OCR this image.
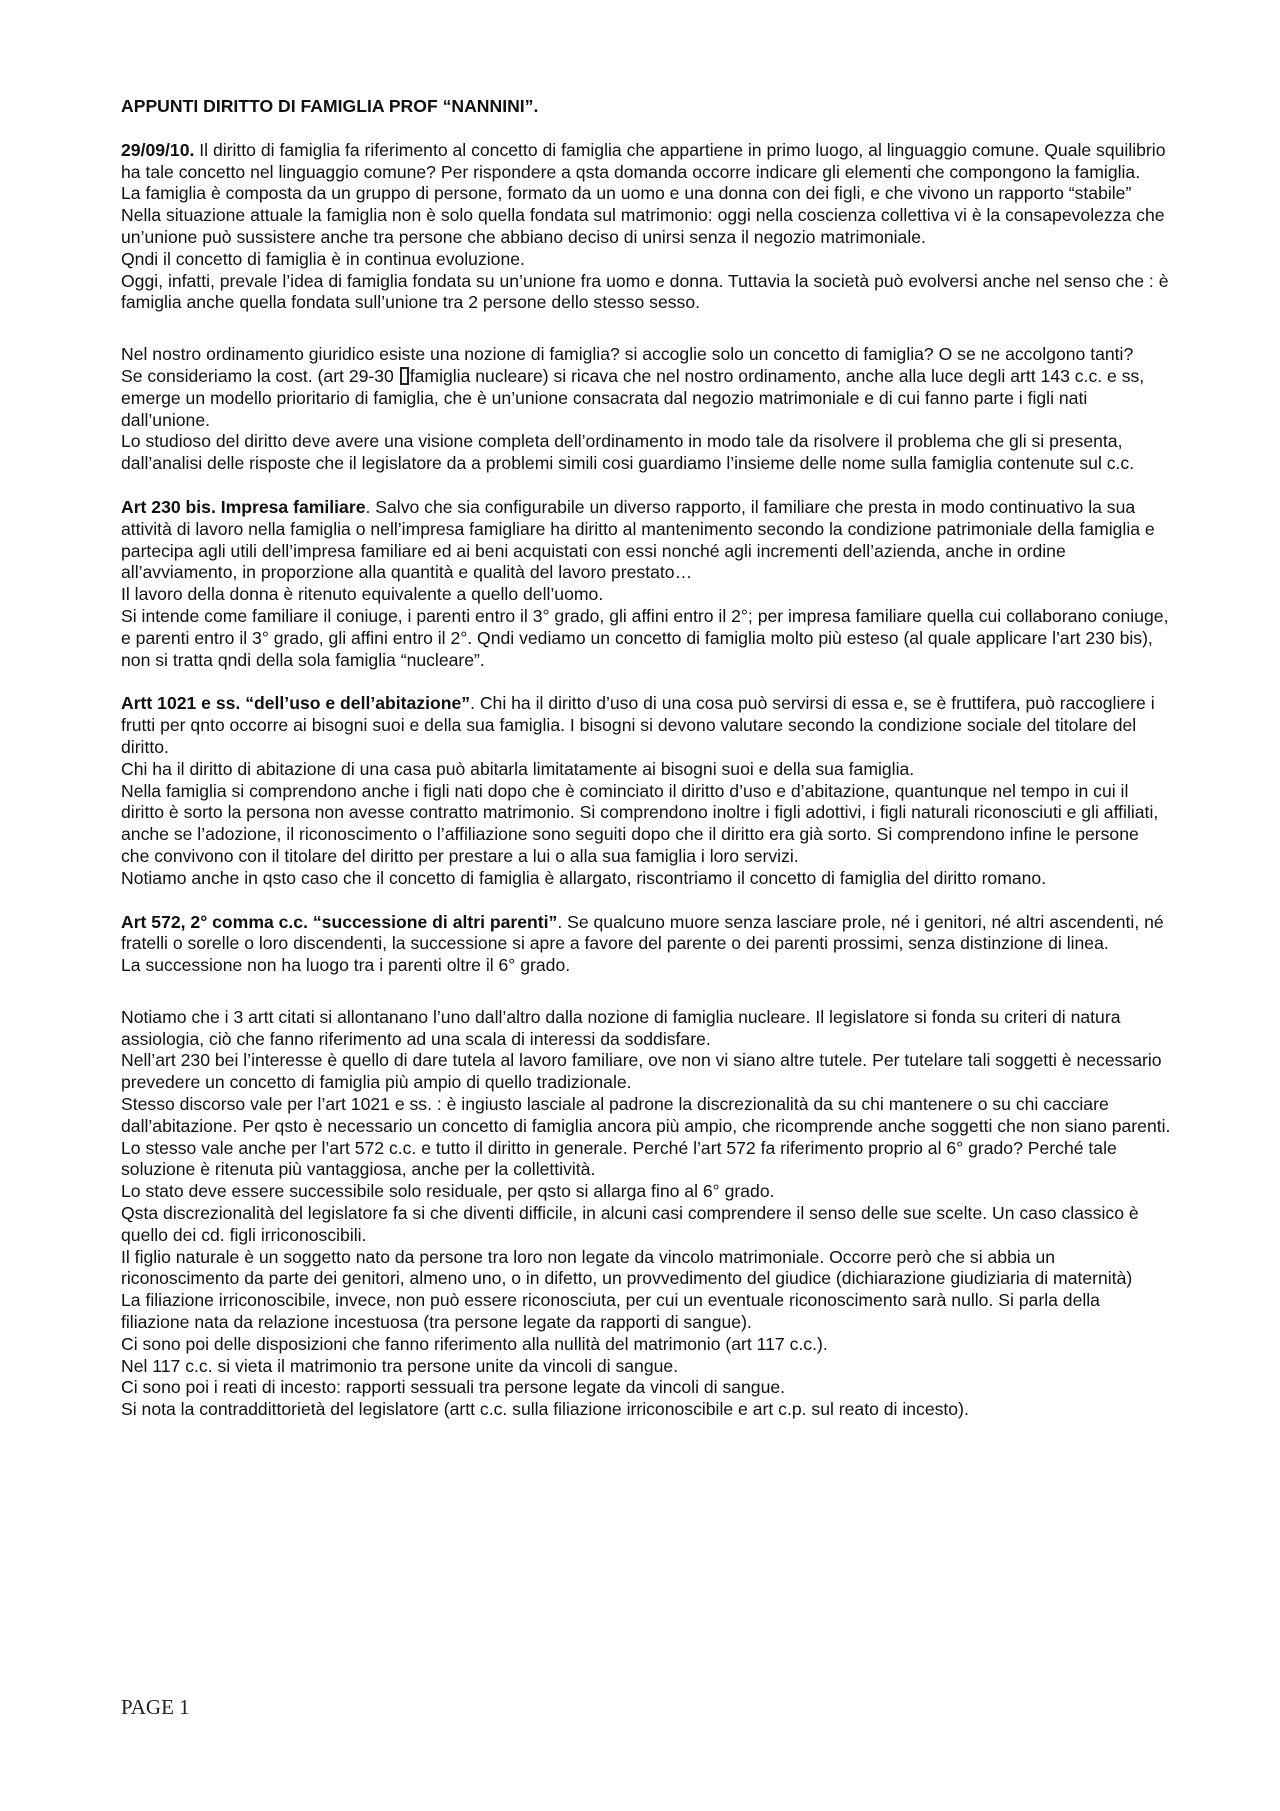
APPUNTI DIRITTO DI FAMIGLIA PROF “NANNINI”.

29/09/10. Il diritto di famiglia fa riferimento al concetto di famiglia che appartiene in primo luogo, al linguaggio comune. Quale squilibrio ha tale concetto nel linguaggio comune? Per rispondere a qsta domanda occorre indicare gli elementi che compongono la famiglia.

La famiglia è composta da un gruppo di persone, formato da un uomo e una donna con dei figli, e che vivono un rapporto “stabile”

Nella situazione attuale la famiglia non è solo quella fondata sul matrimonio: oggi nella coscienza collettiva vi è la consapevolezza che un’unione può sussistere anche tra persone che abbiano deciso di unirsi senza il negozio matrimoniale.

Qndi il concetto di famiglia è in continua evoluzione.

Oggi, infatti, prevale l’idea di famiglia fondata su un’unione fra uomo e donna. Tuttavia la società può evolversi anche nel senso che : è famiglia anche quella fondata sull’unione tra 2 persone dello stesso sesso.

Nel nostro ordinamento giuridico esiste una nozione di famiglia? si accoglie solo un concetto di famiglia? O se ne accolgono tanti?

Se consideriamo la cost. (art 29-30 famiglia nucleare) si ricava che nel nostro ordinamento, anche alla luce degli artt 143 c.c. e ss, emerge un modello prioritario di famiglia, che è un’unione consacrata dal negozio matrimoniale e di cui fanno parte i figli nati dall’unione.

Lo studioso del diritto deve avere una visione completa dell’ordinamento in modo tale da risolvere il problema che gli si presenta, dall’analisi delle risposte che il legislatore da a problemi simili cosi guardiamo l’insieme delle nome sulla famiglia contenute sul c.c.

Art 230 bis. Impresa familiare. Salvo che sia configurabile un diverso rapporto, il familiare che presta in modo continuativo la sua attività di lavoro nella famiglia o nell’impresa famigliare ha diritto al mantenimento secondo la condizione patrimoniale della famiglia e partecipa agli utili dell’impresa familiare ed ai beni acquistati con essi nonché agli incrementi dell’azienda, anche in ordine all’avviamento, in proporzione alla quantità e qualità del lavoro prestato…

Il lavoro della donna è ritenuto equivalente a quello dell’uomo.

Si intende come familiare il coniuge, i parenti entro il 3° grado, gli affini entro il 2°; per impresa familiare quella cui collaborano coniuge, e parenti entro il 3° grado, gli affini entro il 2°. Qndi vediamo un concetto di famiglia molto più esteso (al quale applicare l’art 230 bis), non si tratta qndi della sola famiglia “nucleare”.

Artt 1021 e ss. “dell’uso e dell’abitazione”. Chi ha il diritto d’uso di una cosa può servirsi di essa e, se è fruttifera, può raccogliere i frutti per qnto occorre ai bisogni suoi e della sua famiglia. I bisogni si devono valutare secondo la condizione sociale del titolare del diritto.

Chi ha il diritto di abitazione di una casa può abitarla limitatamente ai bisogni suoi e della sua famiglia.

Nella famiglia si comprendono anche i figli nati dopo che è cominciato il diritto d’uso e d’abitazione, quantunque nel tempo in cui il diritto è sorto la persona non avesse contratto matrimonio. Si comprendono inoltre i figli adottivi, i figli naturali riconosciuti e gli affiliati, anche se l’adozione, il riconoscimento o l’affiliazione sono seguiti dopo che il diritto era già sorto. Si comprendono infine le persone che convivono con il titolare del diritto per prestare a lui o alla sua famiglia i loro servizi.

Notiamo anche in qsto caso che il concetto di famiglia è allargato, riscontriamo il concetto di famiglia del diritto romano.

Art 572, 2° comma c.c. “successione di altri parenti”. Se qualcuno muore senza lasciare prole, né i genitori, né altri ascendenti, né fratelli o sorelle o loro discendenti, la successione si apre a favore del parente o dei parenti prossimi, senza distinzione di linea.

La successione non ha luogo tra i parenti oltre il 6° grado.

Notiamo che i 3 artt citati si allontanano l’uno dall’altro dalla nozione di famiglia nucleare. Il legislatore si fonda su criteri di natura assiologia, ciò che fanno riferimento ad una scala di interessi da soddisfare.

Nell’art 230 bei l’interesse è quello di dare tutela al lavoro familiare, ove non vi siano altre tutele. Per tutelare tali soggetti è necessario prevedere un concetto di famiglia più ampio di quello tradizionale.

Stesso discorso vale per l’art 1021 e ss. : è ingiusto lasciale al padrone la discrezionalità da su chi mantenere o su chi cacciare dall’abitazione. Per qsto è necessario un concetto di famiglia ancora più ampio, che ricomprende anche soggetti che non siano parenti.

Lo stesso vale anche per l’art 572 c.c. e tutto il diritto in generale. Perché l’art 572 fa riferimento proprio al 6° grado? Perché tale soluzione è ritenuta più vantaggiosa, anche per la collettività.

Lo stato deve essere successibile solo residuale, per qsto si allarga fino al 6° grado.

Qsta discrezionalità del legislatore fa si che diventi difficile, in alcuni casi comprendere il senso delle sue scelte. Un caso classico è quello dei cd. figli irriconoscibili.

Il figlio naturale è un soggetto nato da persone tra loro non legate da vincolo matrimoniale. Occorre però che si abbia un riconoscimento da parte dei genitori, almeno uno, o in difetto, un provvedimento del giudice (dichiarazione giudiziaria di maternità)

La filiazione irriconoscibile, invece, non può essere riconosciuta, per cui un eventuale riconoscimento sarà nullo. Si parla della filiazione nata da relazione incestuosa (tra persone legate da rapporti di sangue).

Ci sono poi delle disposizioni che fanno riferimento alla nullità del matrimonio (art 117 c.c.).

Nel 117 c.c. si vieta il matrimonio tra persone unite da vincoli di sangue.

Ci sono poi i reati di incesto: rapporti sessuali tra persone legate da vincoli di sangue.

Si nota la contraddittorietà del legislatore (artt c.c. sulla filiazione irriconoscibile e art c.p. sul reato di incesto).

PAGE 1
